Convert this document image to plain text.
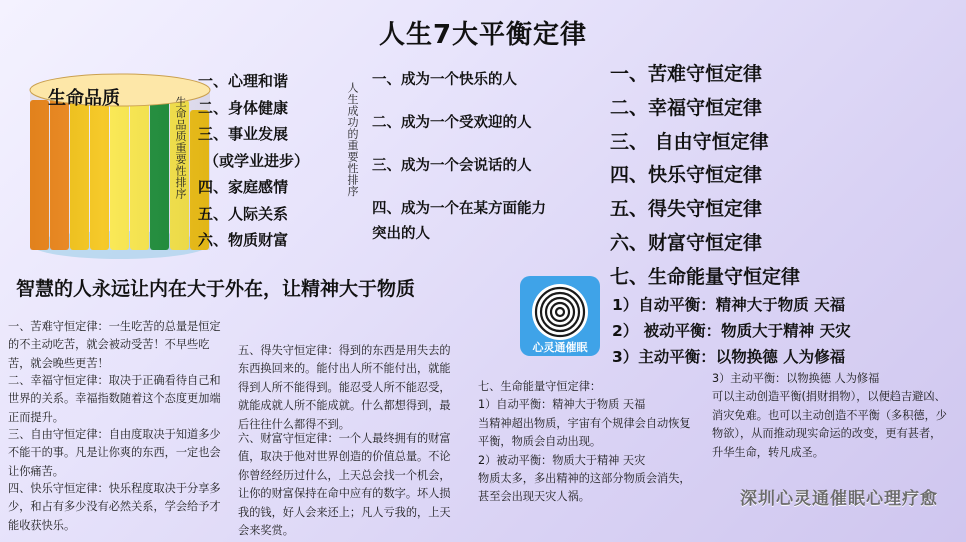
人生7大平衡定律
生命品质	生命品质重要性排序
一、心理和谐
二、身体健康
三、事业发展
（或学业进步）
四、家庭感情
五、人际关系
六、物质财富
人生成功的重要性排序
一、成为一个快乐的人
二、成为一个受欢迎的人
三、成为一个会说话的人
四、成为一个在某方面能力
突出的人
一、苦难守恒定律
二、幸福守恒定律
三、 自由守恒定律
四、快乐守恒定律
五、得失守恒定律
六、财富守恒定律
七、生命能量守恒定律
1）自动平衡：精神大于物质 天福
2） 被动平衡：物质大于精神 天灾
3）主动平衡：以物换德 人为修福
智慧的人永远让内在大于外在，让精神大于物质
心灵通催眠
一、苦难守恒定律：一生吃苦的总量是恒定的不主动吃苦，就会被动受苦！不早些吃苦，就会晚些更苦！
二、幸福守恒定律：取决于正确看待自己和世界的关系。幸福指数随着这个态度更加端正而提升。
三、自由守恒定律：自由度取决于知道多少不能干的事。凡是让你爽的东西，一定也会让你痛苦。
四、快乐守恒定律：快乐程度取决于分享多少，和占有多少没有必然关系，学会给予才能收获快乐。
五、得失守恒定律：得到的东西是用失去的东西换回来的。能付出人所不能付出，就能得到人所不能得到。能忍受人所不能忍受，就能成就人所不能成就。什么都想得到，最后往往什么都得不到。
六、财富守恒定律：一个人最终拥有的财富值，取决于他对世界创造的价值总量。不论你曾经经历过什么，上天总会找一个机会，让你的财富保持在命中应有的数字。坏人损我的钱，好人会来还上；凡人亏我的，上天会来奖赏。
七、生命能量守恒定律：
1）自动平衡：精神大于物质 天福
当精神超出物质，宇宙有个规律会自动恢复平衡，物质会自动出现。
2）被动平衡：物质大于精神 天灾
物质太多，多出精神的这部分物质会消失，甚至会出现天灾人祸。
3）主动平衡：以物换德 人为修福
可以主动创造平衡(捐财捐物），以便趋吉避凶、消灾免难。也可以主动创造不平衡（多积德，少物欲），从而推动现实命运的改变，更有甚者，升华生命，转凡成圣。
深圳心灵通催眠心理疗愈
